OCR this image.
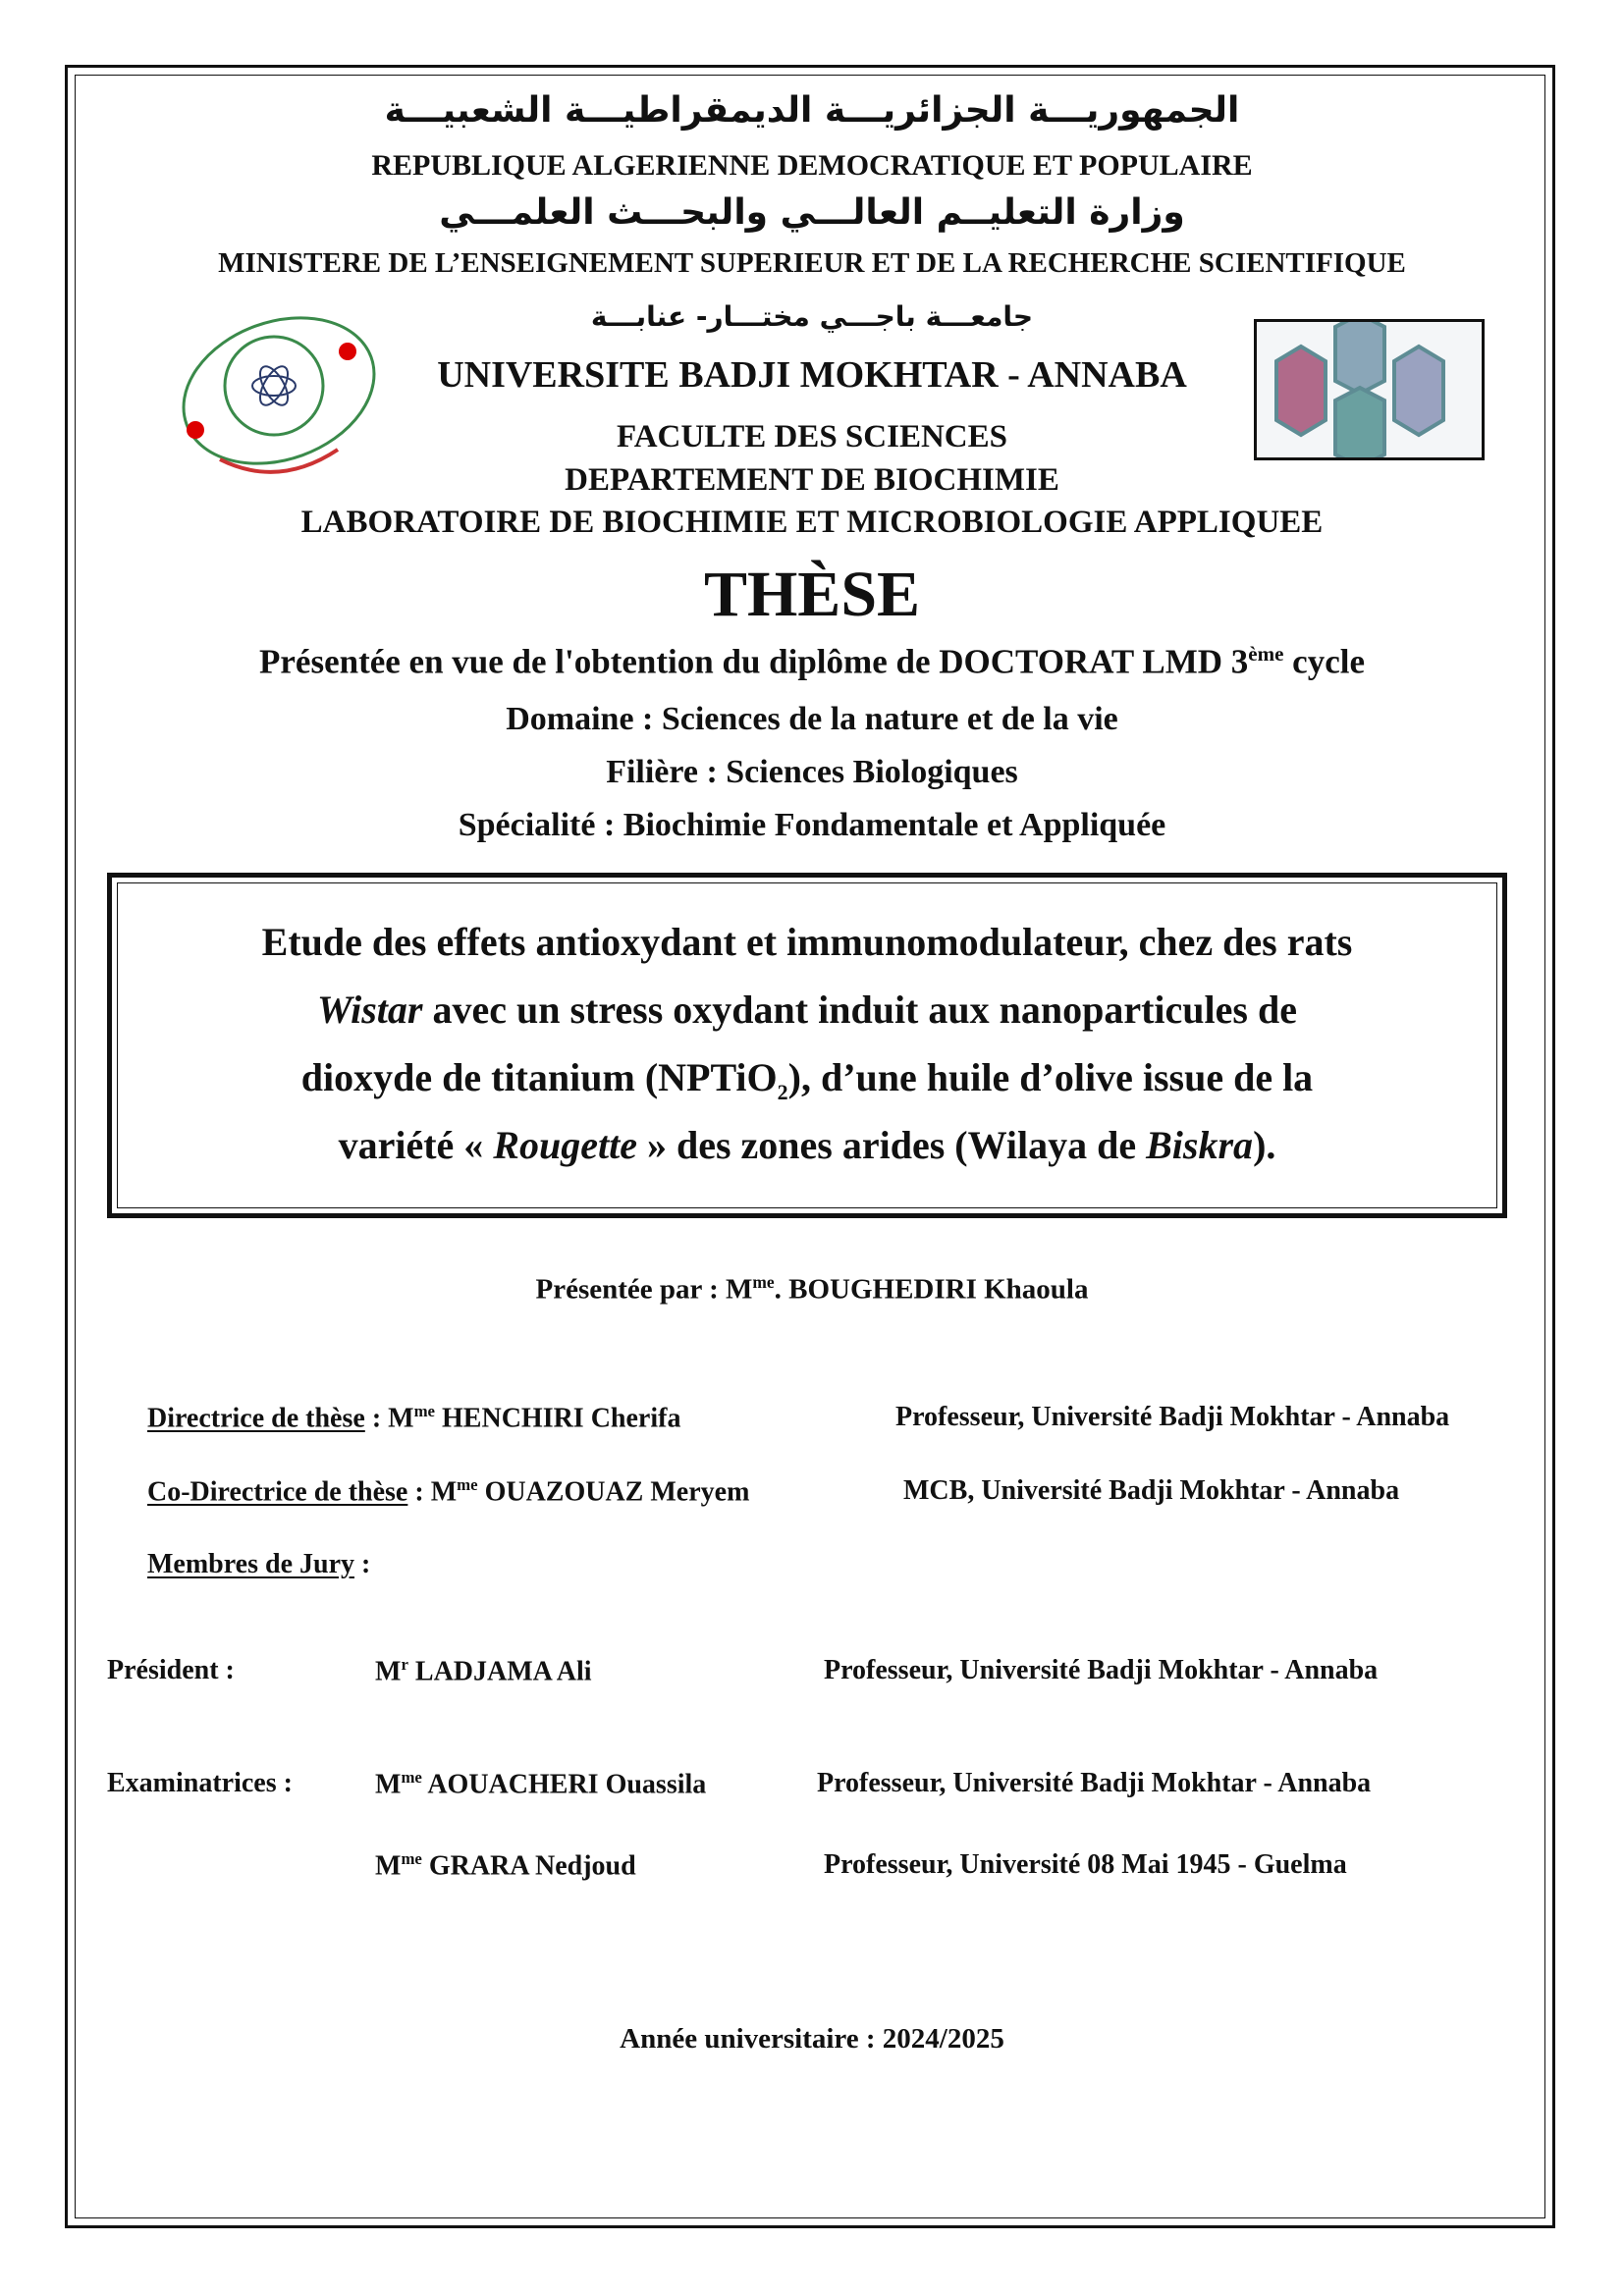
الجمهوريـــة الجزائريـــة الديمقراطيـــة الشعبيـــة
REPUBLIQUE ALGERIENNE DEMOCRATIQUE ET POPULAIRE
وزارة التعليــم العالـــي والبحـــث العلمـــي
MINISTERE DE L’ENSEIGNEMENT SUPERIEUR ET DE LA RECHERCHE SCIENTIFIQUE
جامعـــة باجـــي مختـــار- عنابـــة
UNIVERSITE BADJI MOKHTAR - ANNABA
FACULTE DES SCIENCES
DEPARTEMENT DE BIOCHIMIE
LABORATOIRE DE BIOCHIMIE ET MICROBIOLOGIE APPLIQUEE
THÈSE
Présentée en vue de l'obtention du diplôme de DOCTORAT LMD 3ème cycle
Domaine : Sciences de la nature et de la vie
Filière : Sciences Biologiques
Spécialité : Biochimie Fondamentale et Appliquée
Etude des effets antioxydant et immunomodulateur, chez des rats
Wistar avec un stress oxydant induit aux nanoparticules de
dioxyde de titanium (NPTiO$_2$), d’une huile d’olive issue de la
variété « Rougette » des zones arides (Wilaya de Biskra).
Présentée par : $M^{me}$. BOUGHEDIRI Khaoula
Directrice de thèse : $M^{me}$ HENCHIRI Cherifa	Professeur, Université Badji Mokhtar - Annaba
Co-Directrice de thèse : $M^{me}$ OUAZOUAZ Meryem	MCB, Université Badji Mokhtar - Annaba
Membres de Jury :
Président :	$M^r$ LADJAMA Ali	Professeur, Université Badji Mokhtar - Annaba
Examinatrices :	$M^{me}$ AOUACHERI Ouassila	Professeur, Université Badji Mokhtar - Annaba
$M^{me}$ GRARA Nedjoud	Professeur, Université 08 Mai 1945 - Guelma
Année universitaire : 2024/2025
